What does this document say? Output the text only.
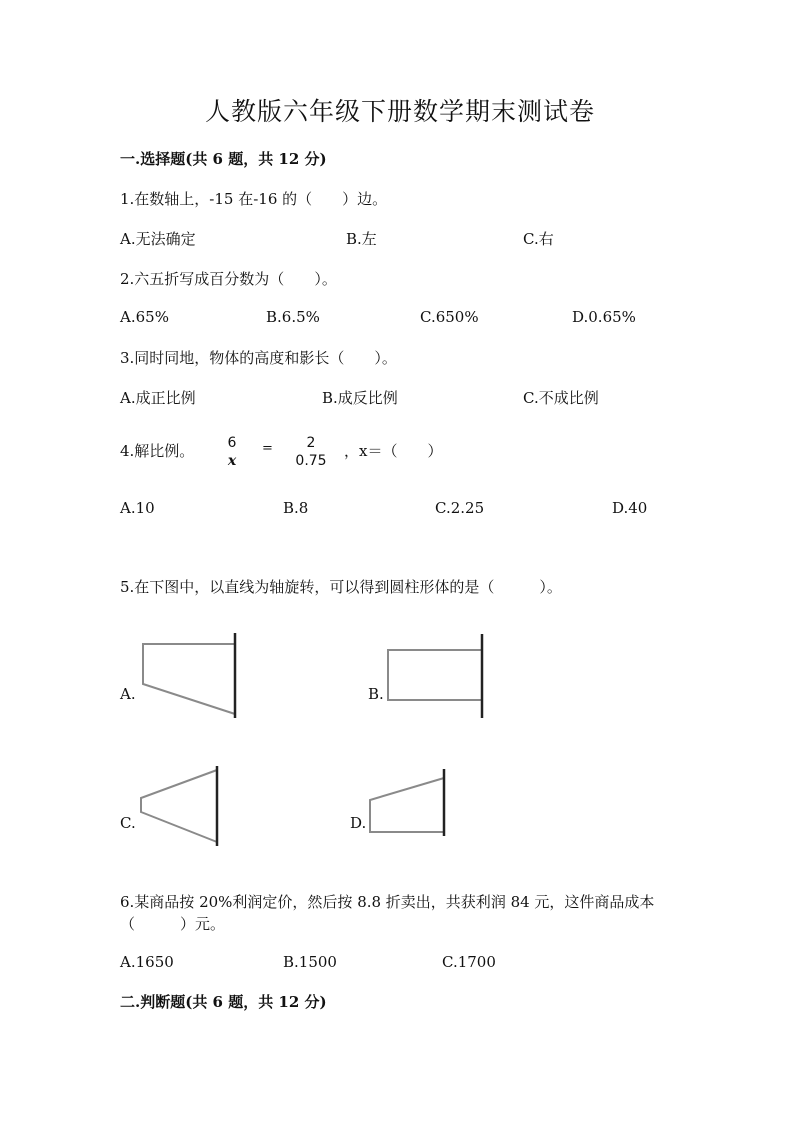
人教版六年级下册数学期末测试卷
一.选择题(共 6 题，共 12 分)
1.在数轴上，-15 在-16 的（　　）边。
A.无法确定	B.左	C.右
2.六五折写成百分数为（　　）。
A.65%	B.6.5%	C.650%	D.0.65%
3.同时同地，物体的高度和影长（　　）。
A.成正比例	B.成反比例	C.不成比例
4.解比例。	6
x
=	2
0.75
，x＝（　　）
A.10	B.8	C.2.25	D.40
5.在下图中，以直线为轴旋转，可以得到圆柱形体的是（　　　）。
A.	B.
C.	D.
6.某商品按 20%利润定价，然后按 8.8 折卖出，共获利润 84 元，这件商品成本
（　　　）元。
A.1650	B.1500	C.1700
二.判断题(共 6 题，共 12 分)
